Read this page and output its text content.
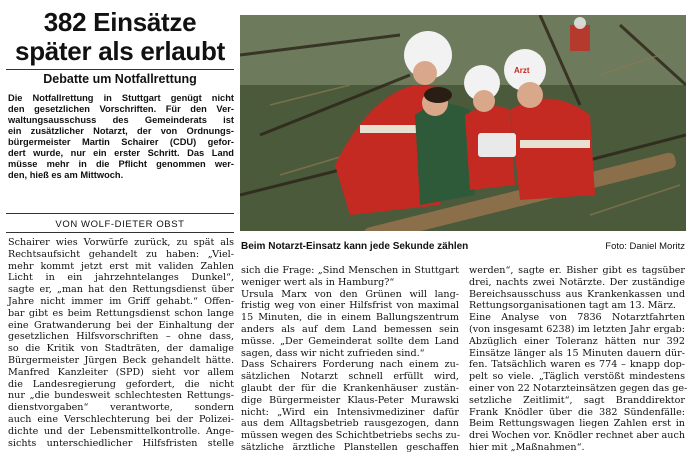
382 Einsätze
später als erlaubt
Debatte um Notfallrettung
Die Notfallrettung in Stuttgart genügt nicht
den gesetzlichen Vorschriften. Für den Ver-
waltungsausschuss des Gemeinderats ist
ein zusätzlicher Notarzt, der von Ordnungs-
bürgermeister Martin Schairer (CDU) gefor-
dert wurde, nur ein erster Schritt. Das Land
müsse mehr in die Pflicht genommen wer-
den, hieß es am Mittwoch.
VON WOLF-DIETER OBST
Arzt
Beim Notarzt-Einsatz kann jede Sekunde zählen	Foto: Daniel Moritz
Schairer wies Vorwürfe zurück, zu spät als
Rechtsaufsicht gehandelt zu haben: „Viel-
mehr kommt jetzt erst mit validen Zahlen
Licht in ein jahrzehntelanges Dunkel“,
sagte er, „man hat den Rettungsdienst über
Jahre nicht immer im Griff gehabt.“ Offen-
bar gibt es beim Rettungsdienst schon lange
eine Gratwanderung bei der Einhaltung der
gesetzlichen Hilfsvorschriften – ohne dass,
so die Kritik von Stadträten, der damalige
Bürgermeister Jürgen Beck gehandelt hätte.
Manfred Kanzleiter (SPD) sieht vor allem
die Landesregierung gefordert, die nicht
nur „die bundesweit schlechtesten Rettungs-
dienstvorgaben“ verantworte, sondern
auch eine Verschlechterung bei der Polizei-
dichte und der Lebensmittelkontrolle. Ange-
sichts unterschiedlicher Hilfsfristen stelle
sich die Frage: „Sind Menschen in Stuttgart
weniger wert als in Hamburg?“
Ursula Marx von den Grünen will lang-
fristig weg von einer Hilfsfrist von maximal
15 Minuten, die in einem Ballungszentrum
anders als auf dem Land bemessen sein
müsse. „Der Gemeinderat sollte dem Land
sagen, dass wir nicht zufrieden sind.“
Dass Schairers Forderung nach einem zu-
sätzlichen Notarzt schnell erfüllt wird,
glaubt der für die Krankenhäuser zustän-
dige Bürgermeister Klaus-Peter Murawski
nicht: „Wird ein Intensivmediziner dafür
aus dem Alltagsbetrieb rausgezogen, dann
müssen wegen des Schichtbetriebs sechs zu-
sätzliche ärztliche Planstellen geschaffen
werden“, sagte er. Bisher gibt es tagsüber
drei, nachts zwei Notärzte. Der zuständige
Bereichsausschuss aus Krankenkassen und
Rettungsorganisationen tagt am 13. März.
Eine Analyse von 7836 Notarztfahrten
(von insgesamt 6238) im letzten Jahr ergab:
Abzüglich einer Toleranz hätten nur 392
Einsätze länger als 15 Minuten dauern dür-
fen. Tatsächlich waren es 774 – knapp dop-
pelt so viele. „Täglich verstößt mindestens
einer von 22 Notarzteinsätzen gegen das ge-
setzliche Zeitlimit“, sagt Branddirektor
Frank Knödler über die 382 Sündenfälle:
Beim Rettungswagen liegen Zahlen erst in
drei Wochen vor. Knödler rechnet aber auch
hier mit „Maßnahmen“.
